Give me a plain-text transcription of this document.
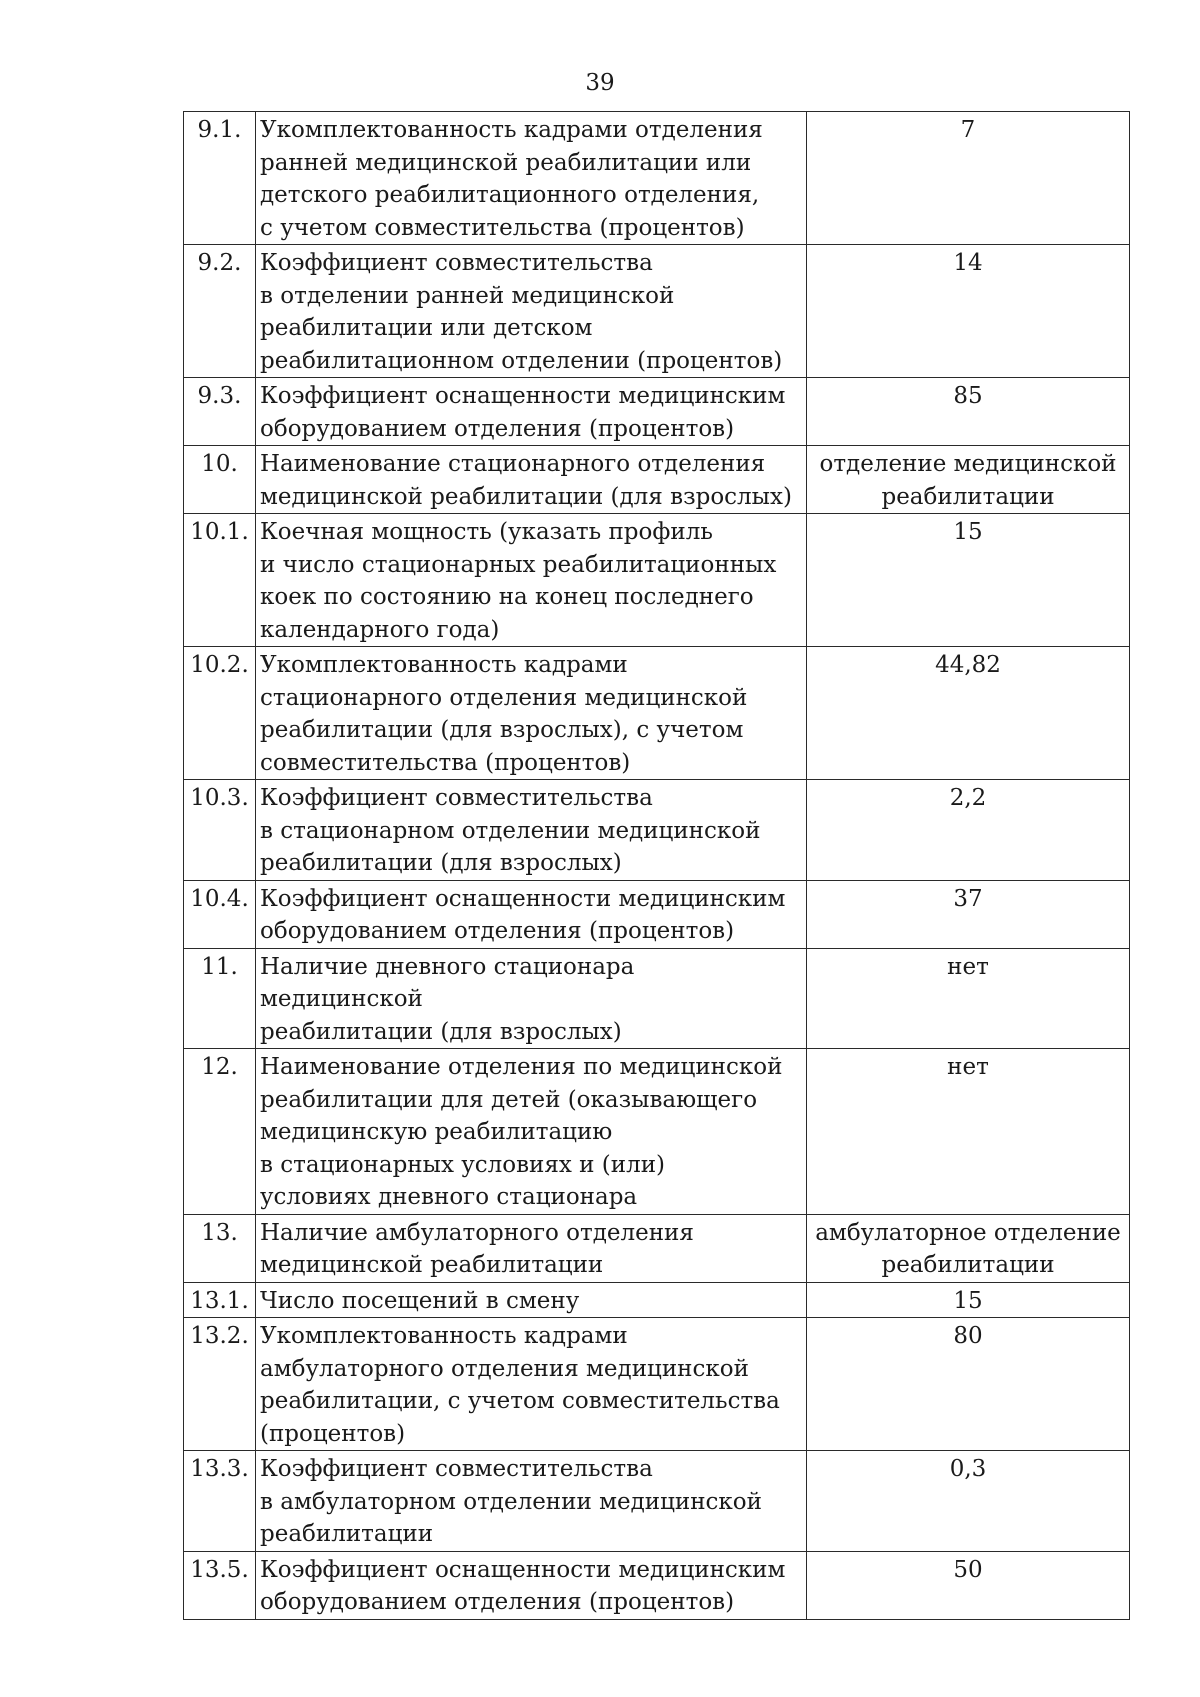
39
9.1.	Укомплектованность кадрами отделения
ранней медицинской реабилитации или
детского реабилитационного отделения,
с учетом совместительства (процентов)	7

9.2.	Коэффициент совместительства
в отделении ранней медицинской
реабилитации или детском
реабилитационном отделении (процентов)	14

9.3.	Коэффициент оснащенности медицинским
оборудованием отделения (процентов)	85

10.	Наименование стационарного отделения
медицинской реабилитации (для взрослых)	отделение медицинской
реабилитации

10.1.	Коечная мощность (указать профиль
и число стационарных реабилитационных
коек по состоянию на конец последнего
календарного года)	15

10.2.	Укомплектованность кадрами
стационарного отделения медицинской
реабилитации (для взрослых), с учетом
совместительства (процентов)	44,82

10.3.	Коэффициент совместительства
в стационарном отделении медицинской
реабилитации (для взрослых)	2,2

10.4.	Коэффициент оснащенности медицинским
оборудованием отделения (процентов)	37

11.	Наличие дневного стационара медицинской
реабилитации (для взрослых)	нет

12.	Наименование отделения по медицинской
реабилитации для детей (оказывающего
медицинскую реабилитацию
в стационарных условиях и (или)
условиях дневного стационара	нет

13.	Наличие амбулаторного отделения
медицинской реабилитации	амбулаторное отделение
реабилитации

13.1.	Число посещений в смену	15

13.2.	Укомплектованность кадрами
амбулаторного отделения медицинской
реабилитации, с учетом совместительства
(процентов)	80

13.3.	Коэффициент совместительства
в амбулаторном отделении медицинской
реабилитации	0,3

13.5.	Коэффициент оснащенности медицинским
оборудованием отделения (процентов)	50
